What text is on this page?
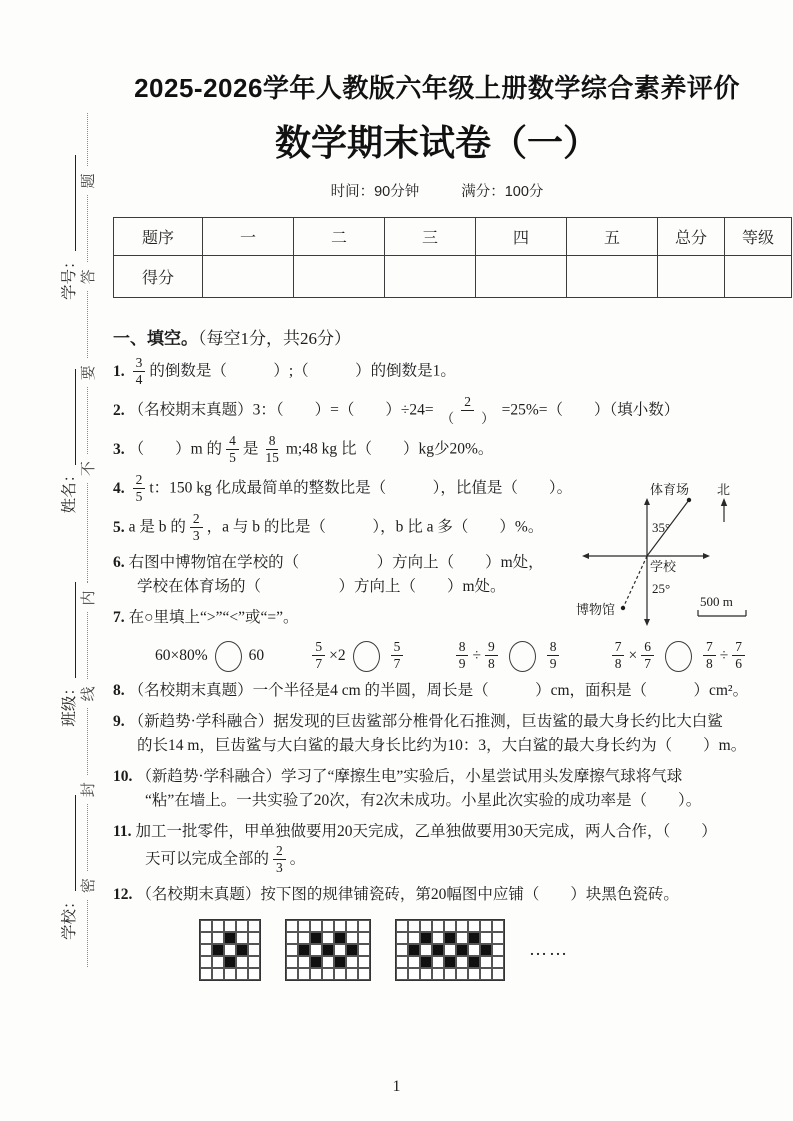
学校：
班级：
姓名：
学号：
密
封
线
内
不
要
答
题
体育场 北
35°
学校
25°
博物馆
500 m
2025-2026学年人教版六年级上册数学综合素养评价
数学期末试卷（一）
时间：90分钟	满分：100分
题序	一	二	三	四	五	总分	等级
得分							
一、填空。（每空1分，共26分）
1. $\frac{3}{4}$ 的倒数是（　　　）;（　　　）的倒数是1。
2. （名校期末真题）3：（　　）=（　　）÷24=
2
（　　） =25%=（　　）（填小数）
3. （　　）m 的 $\frac{4}{5}$ 是 $\frac{8}{15}$ m;48 kg 比（　　）kg少20%。
4. $\frac{2}{5}$ t：150 kg 化成最简单的整数比是（　　　），比值是（　　）。
5. a 是 b 的 $\frac{2}{3}$ ，a 与 b 的比是（　　　），b 比 a 多（　　）%。
6. 右图中博物馆在学校的（　　　　　）方向上（　　）m处，
学校在体育场的（　　　　　）方向上（　　）m处。
7. 在○里填上“>”“<”或“=”。
60×80%	60	$\frac{5}{7} \times 2$
5
7	$\frac{8}{9} \div \frac{9}{8}$	8
9	$\frac{7}{8} \times \frac{6}{7}$	$\frac{7}{8} \div \frac{7}{6}$
8. （名校期末真题）一个半径是4 cm 的半圆，周长是（　　　）cm，面积是（　　　）cm²。
9. （新趋势·学科融合）据发现的巨齿鲨部分椎骨化石推测，巨齿鲨的最大身长约比大白鲨
的长14 m，巨齿鲨与大白鲨的最大身长比约为10：3，大白鲨的最大身长约为（　　）m。
10. （新趋势·学科融合）学习了“摩擦生电”实验后，小星尝试用头发摩擦气球将气球
“粘”在墙上。一共实验了20次，有2次未成功。小星此次实验的成功率是（　　）。
11. 加工一批零件，甲单独做要用20天完成，乙单独做要用30天完成，两人合作，（　　）
天可以完成全部的 $\frac{2}{3}$ 。
12. （名校期末真题）按下图的规律铺瓷砖，第20幅图中应铺（　　）块黑色瓷砖。
……
1
